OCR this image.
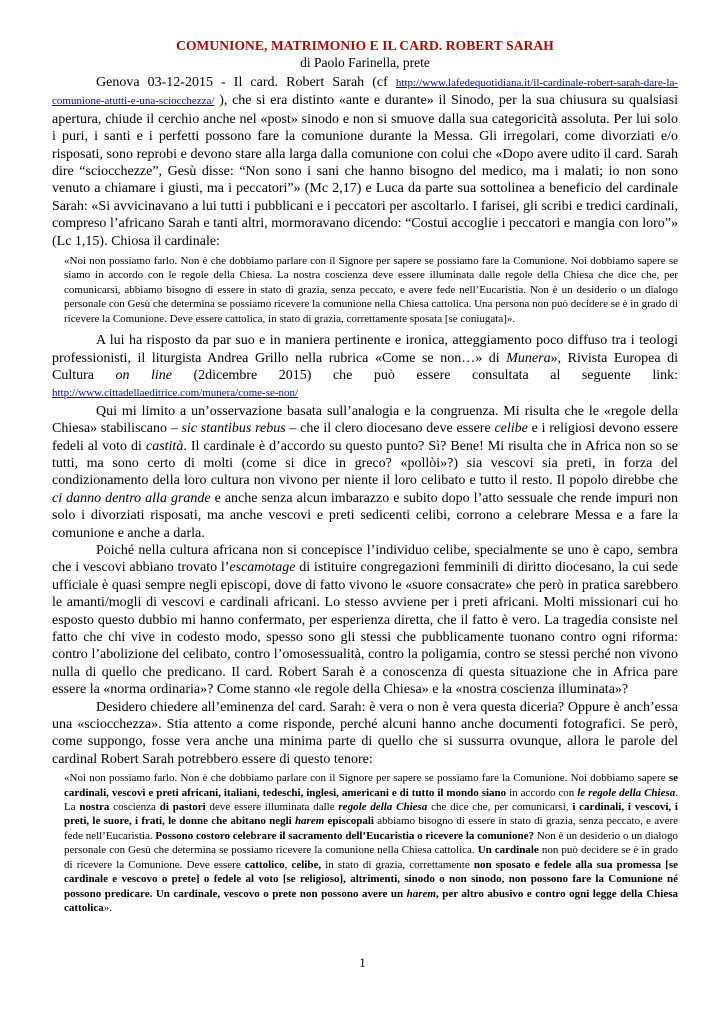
COMUNIONE, MATRIMONIO E IL CARD. ROBERT SARAH
di Paolo Farinella, prete

Genova 03-12-2015 - Il card. Robert Sarah (cf http://www.lafedequotidiana.it/il-cardinale-robert-sarah-dare-la-comunione-atutti-e-una-sciocchezza/ ), che si era distinto «ante e durante» il Sinodo, per la sua chiusura su qualsiasi apertura, chiude il cerchio anche nel «post» sinodo e non si smuove dalla sua categoricità assoluta. Per lui solo i puri, i santi e i perfetti possono fare la comunione durante la Messa. Gli irregolari, come divorziati e/o risposati, sono reprobi e devono stare alla larga dalla comunione con colui che «Dopo avere udito il card. Sarah dire “sciocchezze”, Gesù disse: “Non sono i sani che hanno bisogno del medico, ma i malati; io non sono venuto a chiamare i giusti, ma i peccatori”» (Mc 2,17) e Luca da parte sua sottolinea a beneficio del cardinale Sarah: «Si avvicinavano a lui tutti i pubblicani e i peccatori per ascoltarlo. I farisei, gli scribi e tredici cardinali, compreso l’africano Sarah e tanti altri, mormoravano dicendo: “Costui accoglie i peccatori e mangia con loro”» (Lc 1,15). Chiosa il cardinale:

«Noi non possiamo farlo. Non è che dobbiamo parlare con il Signore per sapere se possiamo fare la Comunione. Noi dobbiamo sapere se siamo in accordo con le regole della Chiesa. La nostra coscienza deve essere illuminata dalle regole della Chiesa che dice che, per comunicarsi, abbiamo bisogno di essere in stato di grazia, senza peccato, e avere fede nell’Eucaristia. Non è un desiderio o un dialogo personale con Gesù che determina se possiamo ricevere la comunione nella Chiesa cattolica. Una persona non può decidere se è in grado di ricevere la Comunione. Deve essere cattolica, in stato di grazia, correttamente sposata [se coniugata]».

A lui ha risposto da par suo e in maniera pertinente e ironica, atteggiamento poco diffuso tra i teologi professionisti, il liturgista Andrea Grillo nella rubrica «Come se non…» di Munera», Rivista Europea di Cultura on line (2dicembre 2015) che può essere consultata al seguente link: http://www.cittadellaeditrice.com/munera/come-se-non/

Qui mi limito a un’osservazione basata sull’analogia e la congruenza. Mi risulta che le «regole della Chiesa» stabiliscano – sic stantibus rebus – che il clero diocesano deve essere celibe e i religiosi devono essere fedeli al voto di castità. Il cardinale è d’accordo su questo punto? Sì? Bene! Mi risulta che in Africa non so se tutti, ma sono certo di molti (come si dice in greco? «pollòi»?) sia vescovi sia preti, in forza del condizionamento della loro cultura non vivono per niente il loro celibato e tutto il resto. Il popolo direbbe che ci danno dentro alla grande e anche senza alcun imbarazzo e subito dopo l’atto sessuale che rende impuri non solo i divorziati risposati, ma anche vescovi e preti sedicenti celibi, corrono a celebrare Messa e a fare la comunione e anche a darla.

Poiché nella cultura africana non si concepisce l’individuo celibe, specialmente se uno è capo, sembra che i vescovi abbiano trovato l’escamotage di istituire congregazioni femminili di diritto diocesano, la cui sede ufficiale è quasi sempre negli episcopi, dove di fatto vivono le «suore consacrate» che però in pratica sarebbero le amanti/mogli di vescovi e cardinali africani. Lo stesso avviene per i preti africani. Molti missionari cui ho esposto questo dubbio mi hanno confermato, per esperienza diretta, che il fatto è vero. La tragedia consiste nel fatto che chi vive in codesto modo, spesso sono gli stessi che pubblicamente tuonano contro ogni riforma: contro l’abolizione del celibato, contro l’omosessualità, contro la poligamia, contro se stessi perché non vivono nulla di quello che predicano. Il card. Robert Sarah è a conoscenza di questa situazione che in Africa pare essere la «norma ordinaria»? Come stanno «le regole della Chiesa» e la «nostra coscienza illuminata»?

Desidero chiedere all’eminenza del card. Sarah: è vera o non è vera questa diceria? Oppure è anch’essa una «sciocchezza». Stia attento a come risponde, perché alcuni hanno anche documenti fotografici. Se però, come suppongo, fosse vera anche una minima parte di quello che si sussurra ovunque, allora le parole del cardinal Robert Sarah potrebbero essere di questo tenore:

«Noi non possiamo farlo. Non è che dobbiamo parlare con il Signore per sapere se possiamo fare la Comunione. Noi dobbiamo sapere se cardinali, vescovi e preti africani, italiani, tedeschi, inglesi, americani e di tutto il mondo siano in accordo con le regole della Chiesa. La nostra coscienza di pastori deve essere illuminata dalle regole della Chiesa che dice che, per comunicarsi, i cardinali, i vescovi, i preti, le suore, i frati, le donne che abitano negli harem episcopali abbiamo bisogno di essere in stato di grazia, senza peccato, e avere fede nell’Eucaristia. Possono costoro celebrare il sacramento dell’Eucaristia o ricevere la comunione? Non è un desiderio o un dialogo personale con Gesù che determina se possiamo ricevere la comunione nella Chiesa cattolica. Un cardinale non può decidere se è in grado di ricevere la Comunione. Deve essere cattolico, celibe, in stato di grazia, correttamente non sposato e fedele alla sua promessa [se cardinale e vescovo o prete] o fedele al voto [se religioso], altrimenti, sinodo o non sinodo, non possono fare la Comunione né possono predicare. Un cardinale, vescovo o prete non possono avere un harem, per altro abusivo e contro ogni legge della Chiesa cattolica».
1
